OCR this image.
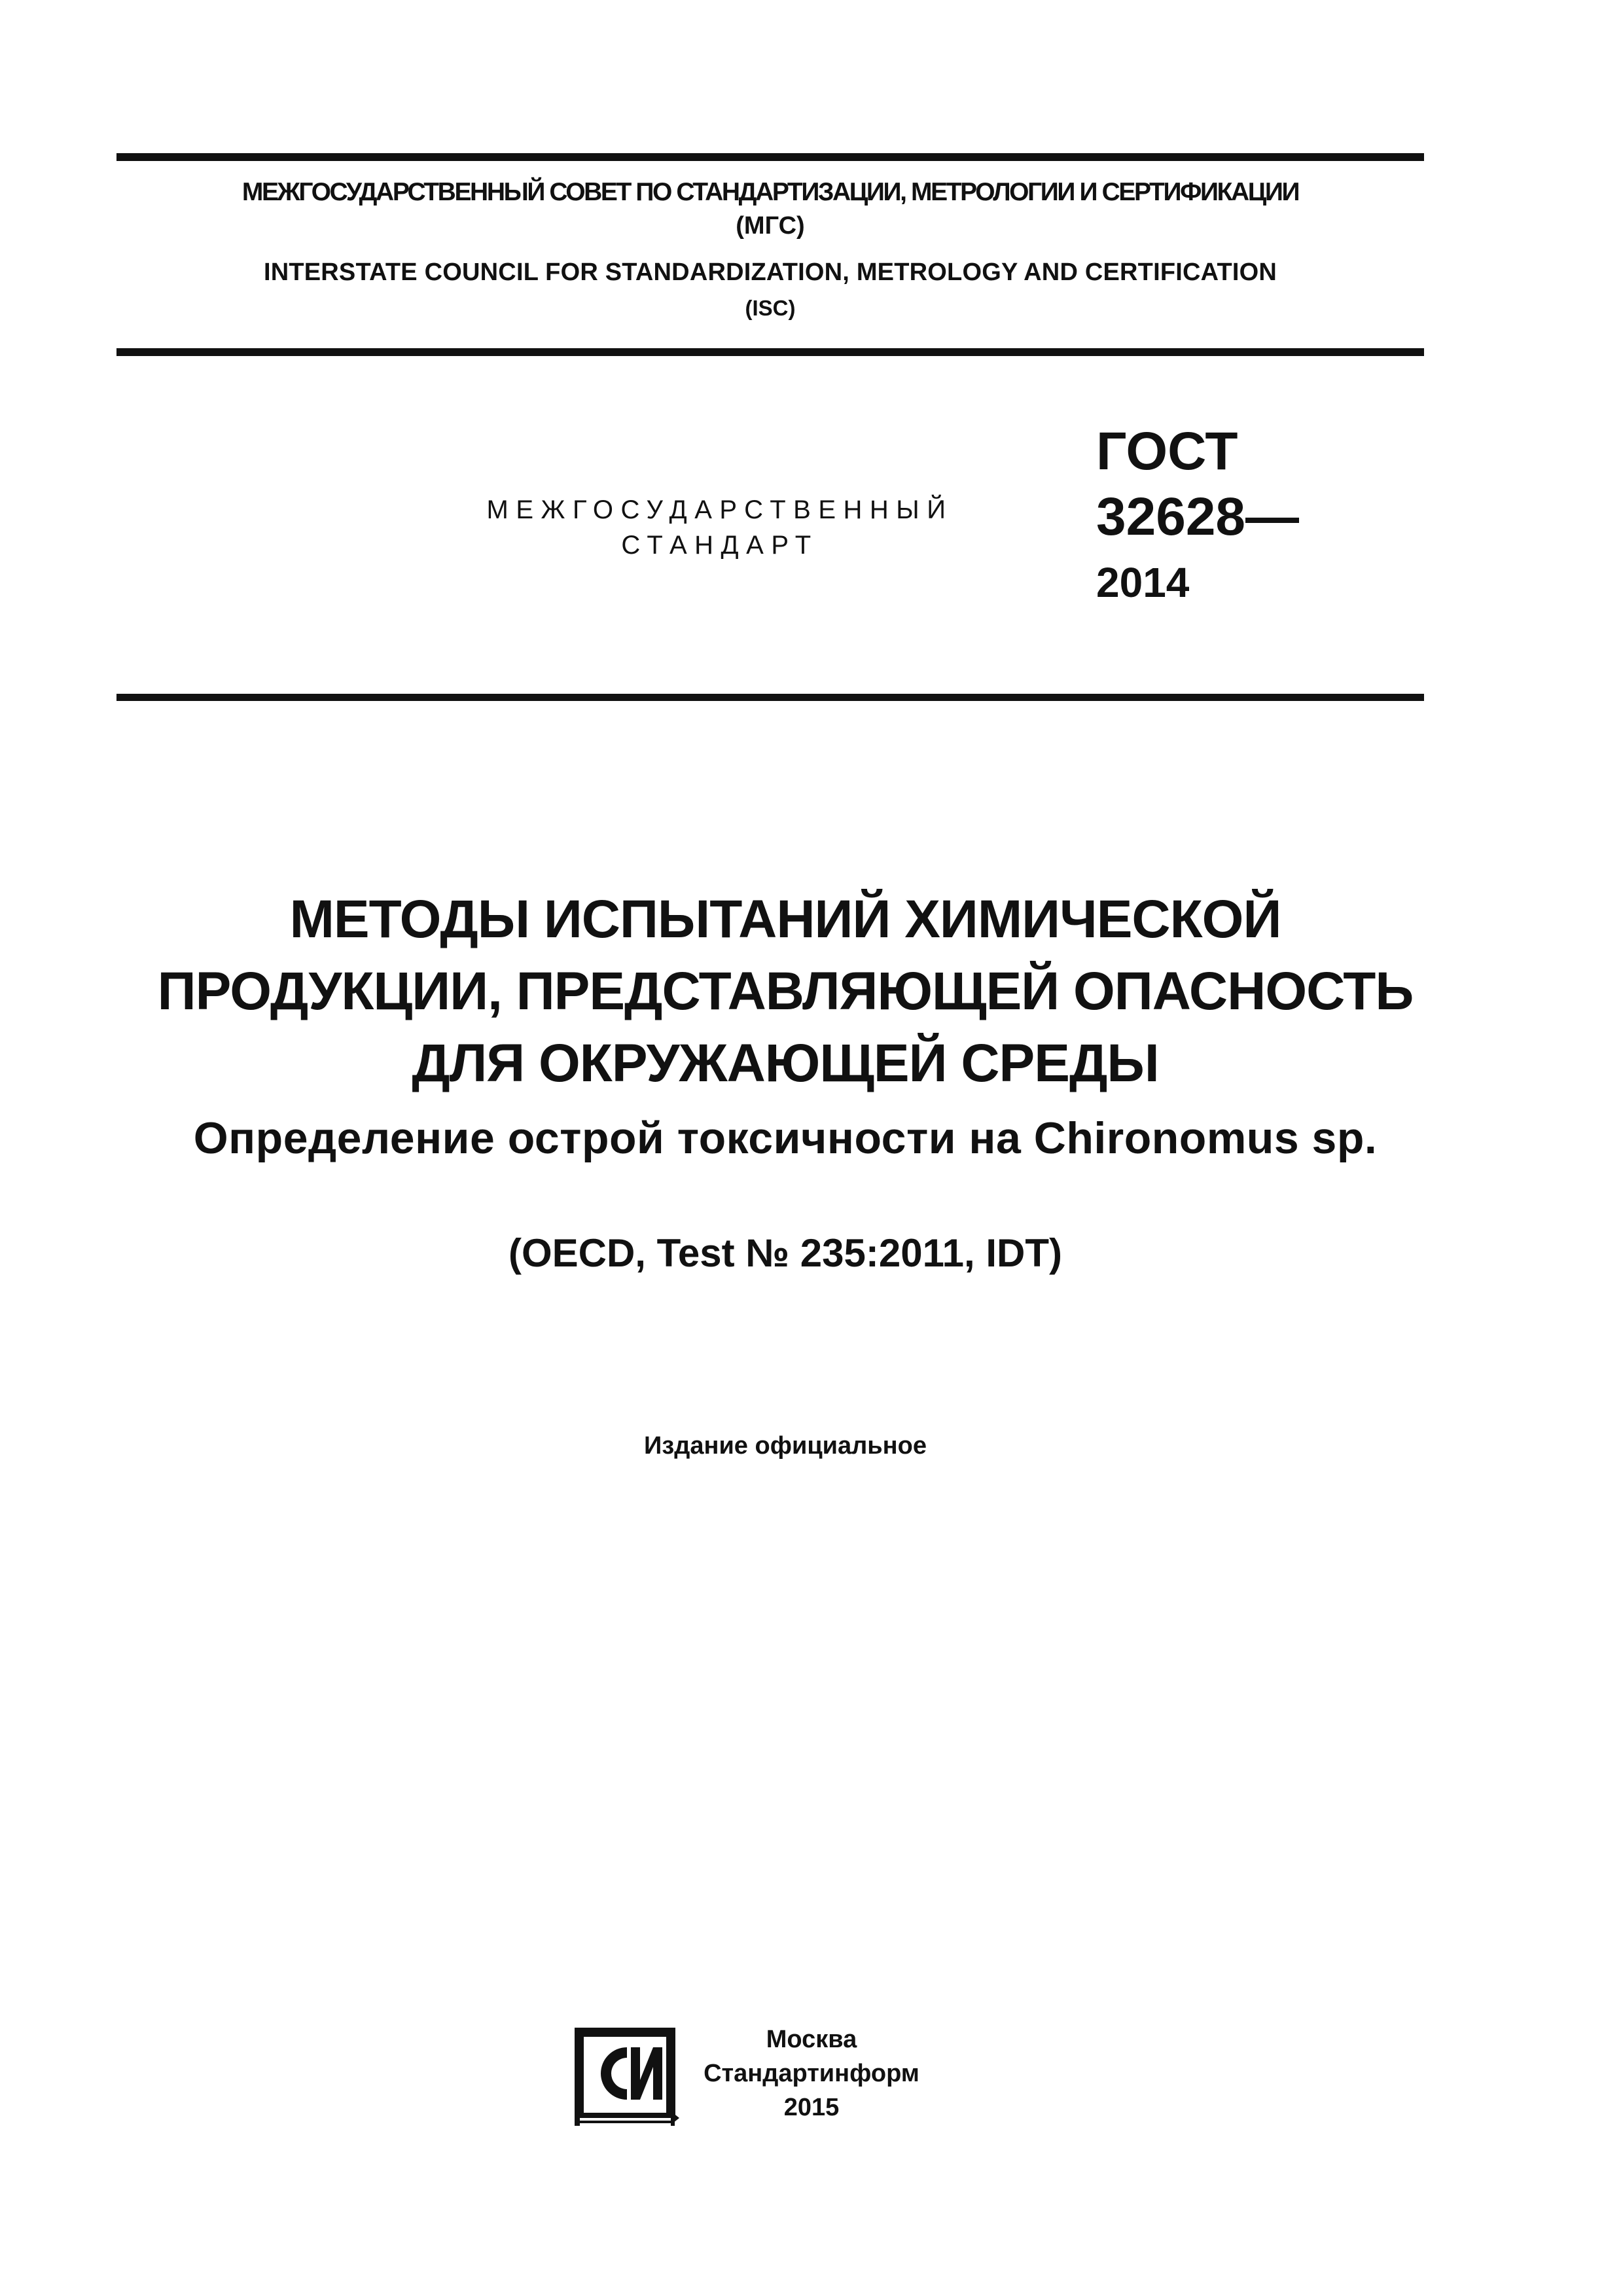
МЕЖГОСУДАРСТВЕННЫЙ СОВЕТ ПО СТАНДАРТИЗАЦИИ, МЕТРОЛОГИИ И СЕРТИФИКАЦИИ
(МГС)
INTERSTATE COUNCIL FOR STANDARDIZATION, METROLOGY AND CERTIFICATION
(ISC)
МЕЖГОСУДАРСТВЕННЫЙ
СТАНДАРТ
ГОСТ
32628—
2014
МЕТОДЫ ИСПЫТАНИЙ ХИМИЧЕСКОЙ
ПРОДУКЦИИ, ПРЕДСТАВЛЯЮЩЕЙ ОПАСНОСТЬ
ДЛЯ ОКРУЖАЮЩЕЙ СРЕДЫ
Определение острой токсичности на Chironomus sp.
(OECD, Test № 235:2011, IDT)
Издание официальное
Москва
Стандартинформ
2015
